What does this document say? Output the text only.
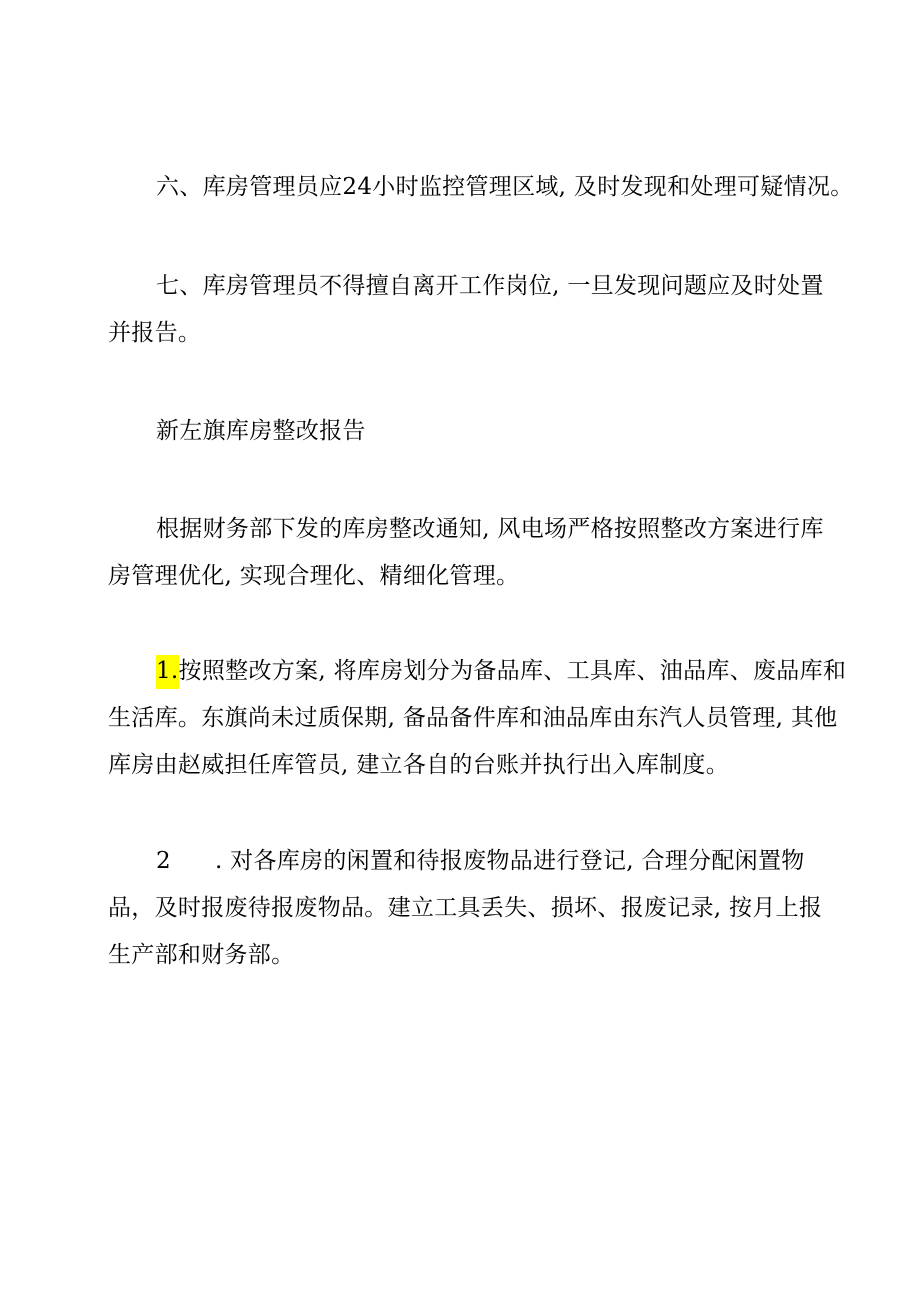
六、库房管理员应24小时监控管理区域, 及时发现和处理可疑情况。

七、库房管理员不得擅自离开工作岗位, 一旦发现问题应及时处置
并报告。

新左旗库房整改报告

根据财务部下发的库房整改通知, 风电场严格按照整改方案进行库
房管理优化, 实现合理化、精细化管理。

1.按照整改方案, 将库房划分为备品库、工具库、油品库、废品库和
生活库。东旗尚未过质保期, 备品备件库和油品库由东汽人员管理, 其他
库房由赵威担任库管员, 建立各自的台账并执行出入库制度。

2 . 对各库房的闲置和待报废物品进行登记, 合理分配闲置物
品，及时报废待报废物品。建立工具丢失、损坏、报废记录, 按月上报
生产部和财务部。
